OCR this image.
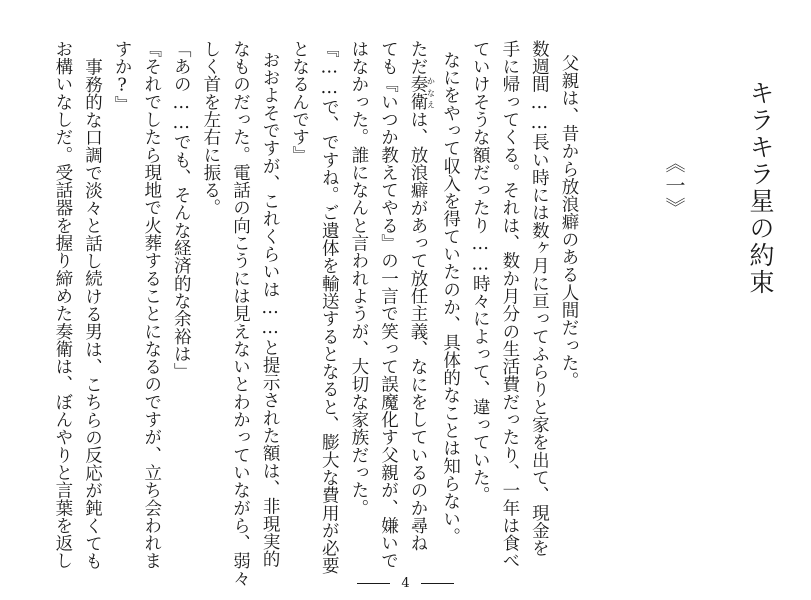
キラキラ星の約束
《一》
父親は、昔から放浪癖のある人間だった。
数週間……長い時には数ヶ月に亘ってふらりと家を出て、現金を
手に帰ってくる。それは、数か月分の生活費だったり、一年は食べ
ていけそうな額だったり……時々によって、違っていた。
なにをやって収入を得ていたのか、具体的なことは知らない。
ただ奏衛かなえは、放浪癖があって放任主義、なにをしているのか尋ね
ても『いつか教えてやる』の一言で笑って誤魔化す父親が、嫌いで
はなかった。誰になんと言われようが、大切な家族だった。
『……で、ですね。ご遺体を輸送するとなると、膨大な費用が必要
となるんです』
おおよそですが、これくらいは……と提示された額は、非現実的
なものだった。電話の向こうには見えないとわかっていながら、弱々
しく首を左右に振る。
「あの……でも、そんな経済的な余裕は」
『それでしたら現地で火葬することになるのですが、立ち会われま
すか?』
事務的な口調で淡々と話し続ける男は、こちらの反応が鈍くても
お構いなしだ。受話器を握り締めた奏衛は、ぼんやりと言葉を返し
4
